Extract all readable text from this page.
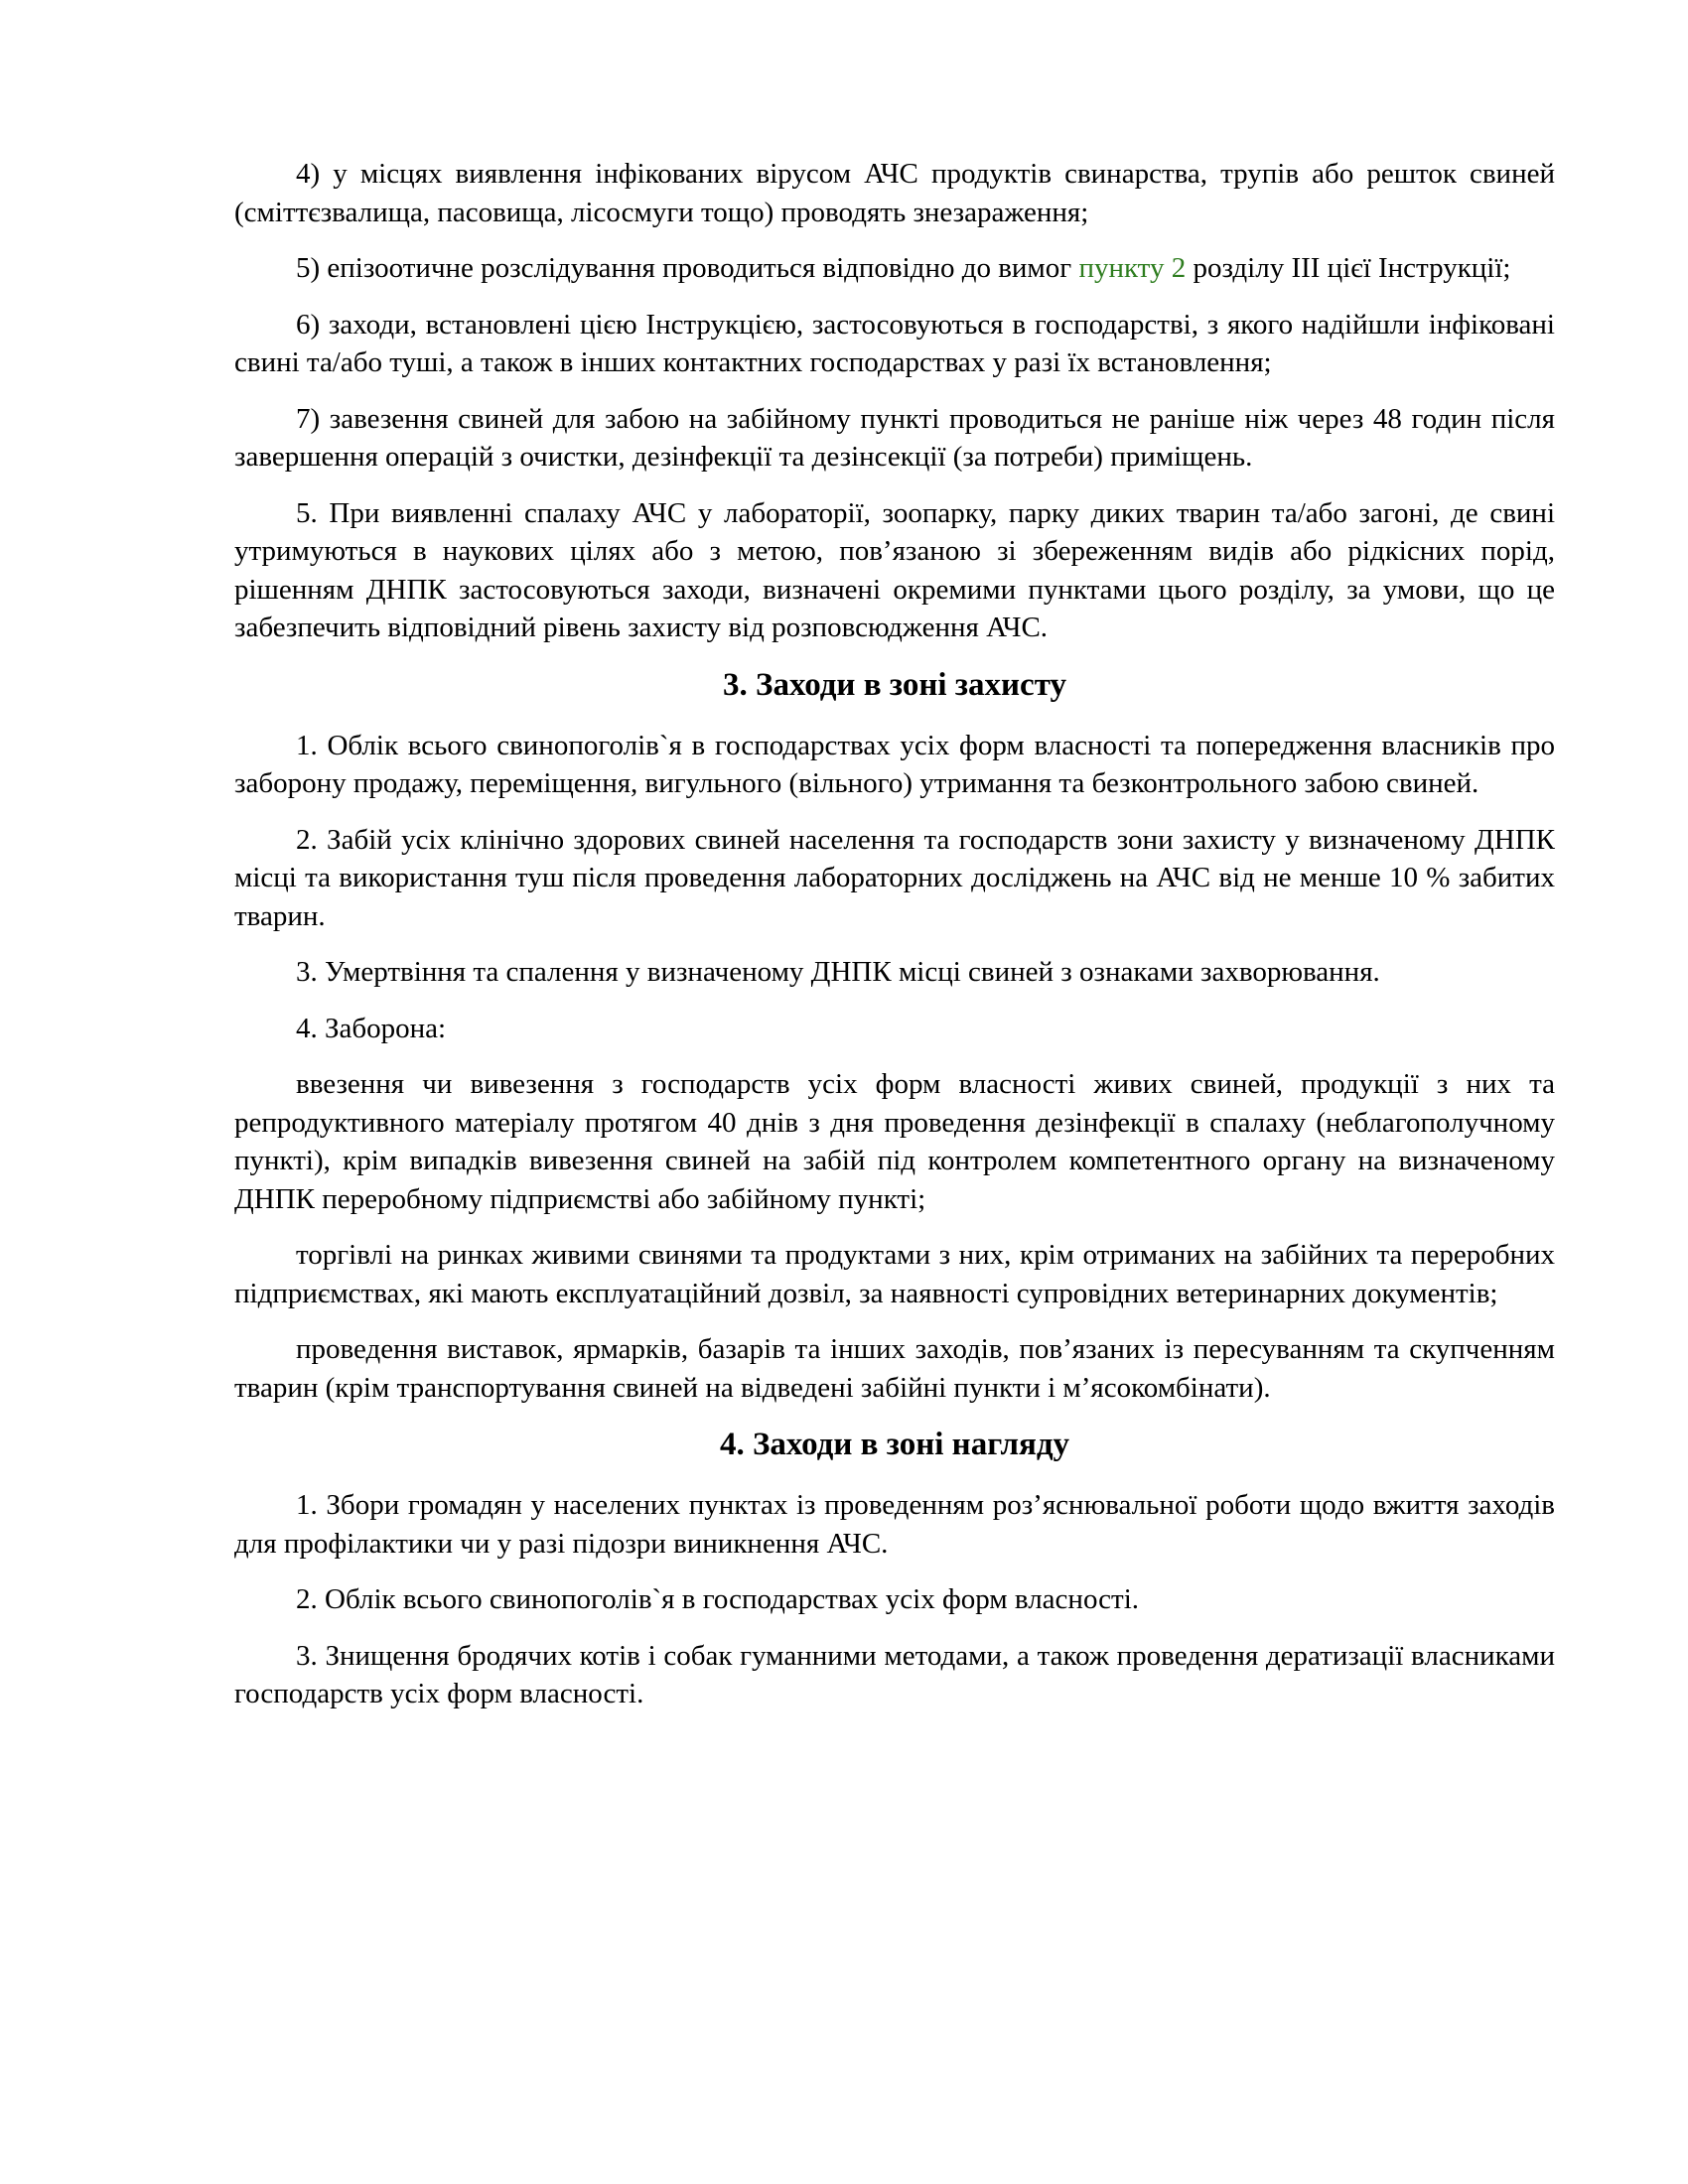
4) у місцях виявлення інфікованих вірусом АЧС продуктів свинарства, трупів або решток свиней (сміттєзвалища, пасовища, лісосмуги тощо) проводять знезараження;

5) епізоотичне розслідування проводиться відповідно до вимог пункту 2 розділу ІІІ цієї Інструкції;

6) заходи, встановлені цією Інструкцією, застосовуються в господарстві, з якого надійшли інфіковані свині та/або туші, а також в інших контактних господарствах у разі їх встановлення;

7) завезення свиней для забою на забійному пункті проводиться не раніше ніж через 48 годин після завершення операцій з очистки, дезінфекції та дезінсекції (за потреби) приміщень.

5. При виявленні спалаху АЧС у лабораторії, зоопарку, парку диких тварин та/або загоні, де свині утримуються в наукових цілях або з метою, пов’язаною зі збереженням видів або рідкісних порід, рішенням ДНПК застосовуються заходи, визначені окремими пунктами цього розділу, за умови, що це забезпечить відповідний рівень захисту від розповсюдження АЧС.

3. Заходи в зоні захисту

1. Облік всього свинопоголів`я в господарствах усіх форм власності та попередження власників про заборону продажу, переміщення, вигульного (вільного) утримання та безконтрольного забою свиней.

2. Забій усіх клінічно здорових свиней населення та господарств зони захисту у визначеному ДНПК місці та використання туш після проведення лабораторних досліджень на АЧС від не менше 10 % забитих тварин.

3. Умертвіння та спалення у визначеному ДНПК місці свиней з ознаками захворювання.

4. Заборона:

ввезення чи вивезення з господарств усіх форм власності живих свиней, продукції з них та репродуктивного матеріалу протягом 40 днів з дня проведення дезінфекції в спалаху (неблагополучному пункті), крім випадків вивезення свиней на забій під контролем компетентного органу на визначеному ДНПК переробному підприємстві або забійному пункті;

торгівлі на ринках живими свинями та продуктами з них, крім отриманих на забійних та переробних підприємствах, які мають експлуатаційний дозвіл, за наявності супровідних ветеринарних документів;

проведення виставок, ярмарків, базарів та інших заходів, пов’язаних із пересуванням та скупченням тварин (крім транспортування свиней на відведені забійні пункти і м’ясокомбінати).

4. Заходи в зоні нагляду

1. Збори громадян у населених пунктах із проведенням роз’яснювальної роботи щодо вжиття заходів для профілактики чи у разі підозри виникнення АЧС.

2. Облік всього свинопоголів`я в господарствах усіх форм власності.

3. Знищення бродячих котів і собак гуманними методами, а також проведення дератизації власниками господарств усіх форм власності.
